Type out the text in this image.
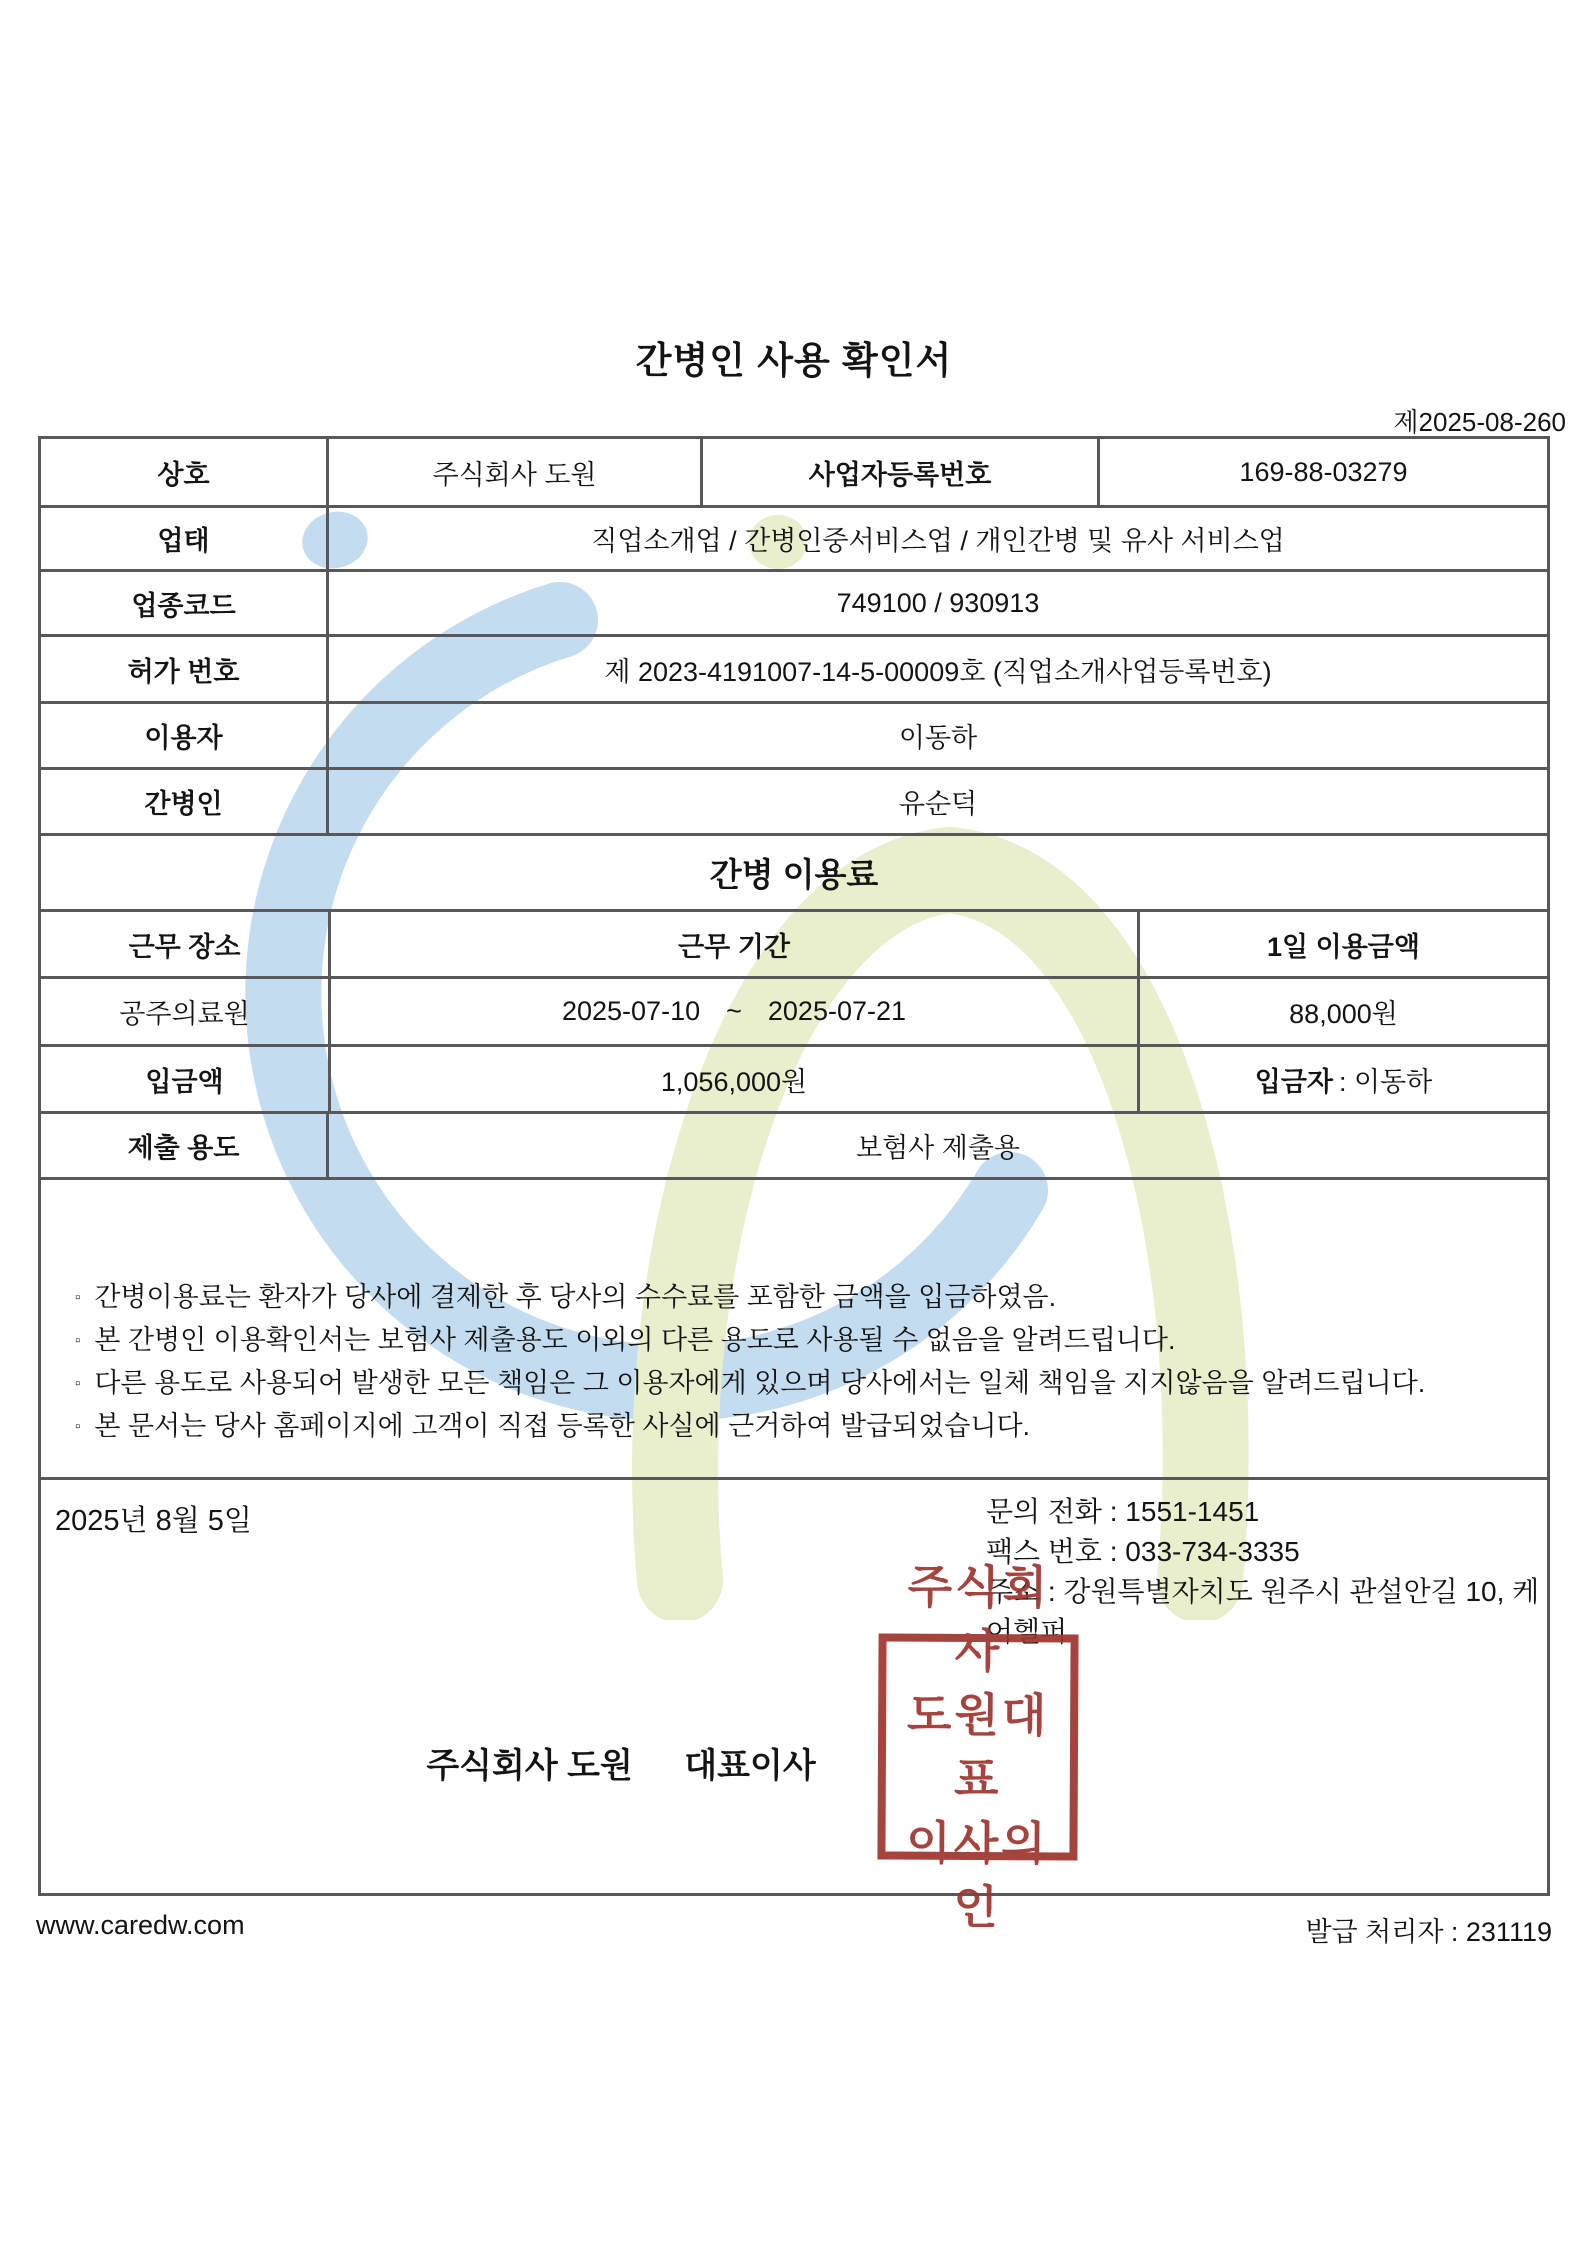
간병인 사용 확인서
제2025-08-260
상호	주식회사 도원	사업자등록번호	169-88-03279
업태	직업소개업 / 간병인중서비스업 / 개인간병 및 유사 서비스업
업종코드	749100 / 930913
허가 번호	제 2023-4191007-14-5-00009호 (직업소개사업등록번호)
이용자	이동하
간병인	유순덕
간병 이용료
근무 장소	근무 기간	1일 이용금액
공주의료원	2025-07-10 ~ 2025-07-21	88,000원
입금액	1,056,000원	입금자 : 이동하
제출 용도	보험사 제출용
▫ 간병이용료는 환자가 당사에 결제한 후 당사의 수수료를 포함한 금액을 입금하였음.
▫ 본 간병인 이용확인서는 보험사 제출용도 이외의 다른 용도로 사용될 수 없음을 알려드립니다.
▫ 다른 용도로 사용되어 발생한 모든 책임은 그 이용자에게 있으며 당사에서는 일체 책임을 지지않음을 알려드립니다.
▫ 본 문서는 당사 홈페이지에 고객이 직접 등록한 사실에 근거하여 발급되었습니다.
2025년 8월 5일	문의 전화 : 1551-1451
팩스 번호 : 033-734-3335
주소 : 강원특별자치도 원주시 관설안길 10, 케어헬퍼
주식회사 도원 대표이사
주식회사
도원대표
이사의인
www.caredw.com	발급 처리자 : 231119
